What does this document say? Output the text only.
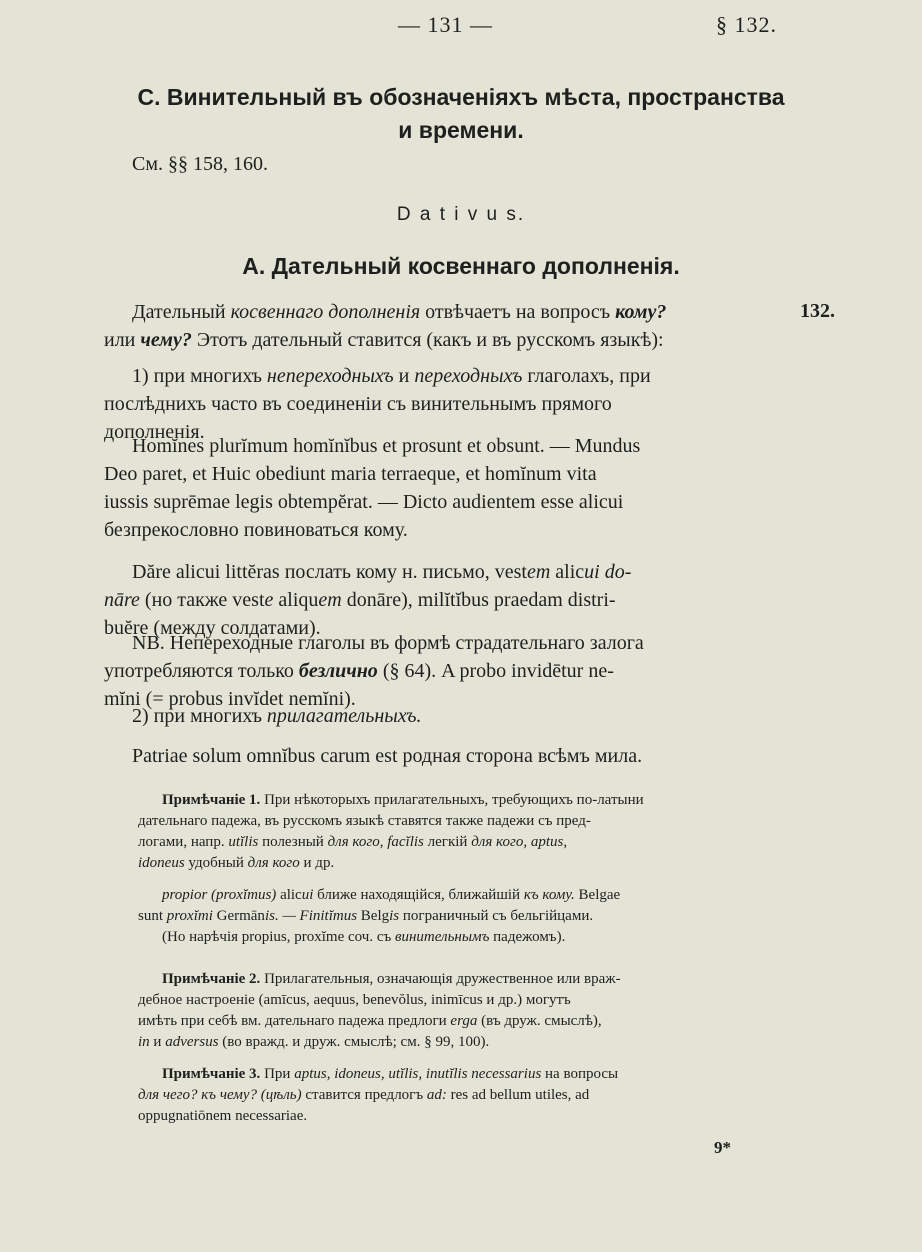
— 131 —	§ 132.

C. Винительный въ обозначеніяхъ мѣста, пространства

и времени.

См. §§ 158, 160.

D a t i v u s.

A. Дательный косвеннаго дополненія.

132.

Дательный косвеннаго дополненія отвѣчаетъ на вопросъ кому?

или чему? Этотъ дательный ставится (какъ и въ русскомъ языкѣ):

1) при многихъ непереходныхъ и переходныхъ глаголахъ, при

послѣднихъ часто въ соединеніи съ винительнымъ прямого

дополненія.

Homĭnes plurĭmum homĭnĭbus et prosunt et obsunt. — Mundus

Deo paret, et Huic obediunt maria terraeque, et homĭnum vita

iussis suprēmae legis obtempĕrat. — Dicto audientem esse alicui

безпрекословно повиноваться кому.

Dăre alicui littĕras послать кому н. письмо, vestem alicui do-

nāre (но также veste aliquem donāre), milĭtĭbus praedam distri-

buĕre (между солдатами).

NB. Непереходные глаголы въ формѣ страдательнаго залога

употребляются только безлично (§ 64). A probo invidētur ne-

mĭni (= probus invĭdet nemĭni).

2) при многихъ прилагательныхъ.

Patriae solum omnĭbus carum est родная сторона всѣмъ мила.

Примѣчаніе 1. При нѣкоторыхъ прилагательныхъ, требующихъ по-латыни

дательнаго падежа, въ русскомъ языкѣ ставятся также падежи съ пред-

логами, напр. utĭlis полезный для кого, facĭlis легкій для кого, aptus,

idoneus удобный для кого и др.

propior (proxĭmus) alicui ближе находящійся, ближайшій къ кому. Belgae

sunt proxĭmi Germānis. — Finitĭmus Belgis пограничный съ бельгійцами.

(Но нарѣчія propius, proxĭme соч. съ винительнымъ падежомъ).

Примѣчаніе 2. Прилагательныя, означающія дружественное или враж-

дебное настроеніе (amīcus, aequus, benevŏlus, inimīcus и др.) могутъ

имѣть при себѣ вм. дательнаго падежа предлоги erga (въ друж. смыслѣ),

in и adversus (во вражд. и друж. смыслѣ; см. § 99, 100).

Примѣчаніе 3. При aptus, idoneus, utĭlis, inutĭlis necessarius на вопросы

для чего? къ чему? (цѣль) ставится предлогъ ad: res ad bellum utiles, ad

oppugnatiōnem necessariae.

9*
